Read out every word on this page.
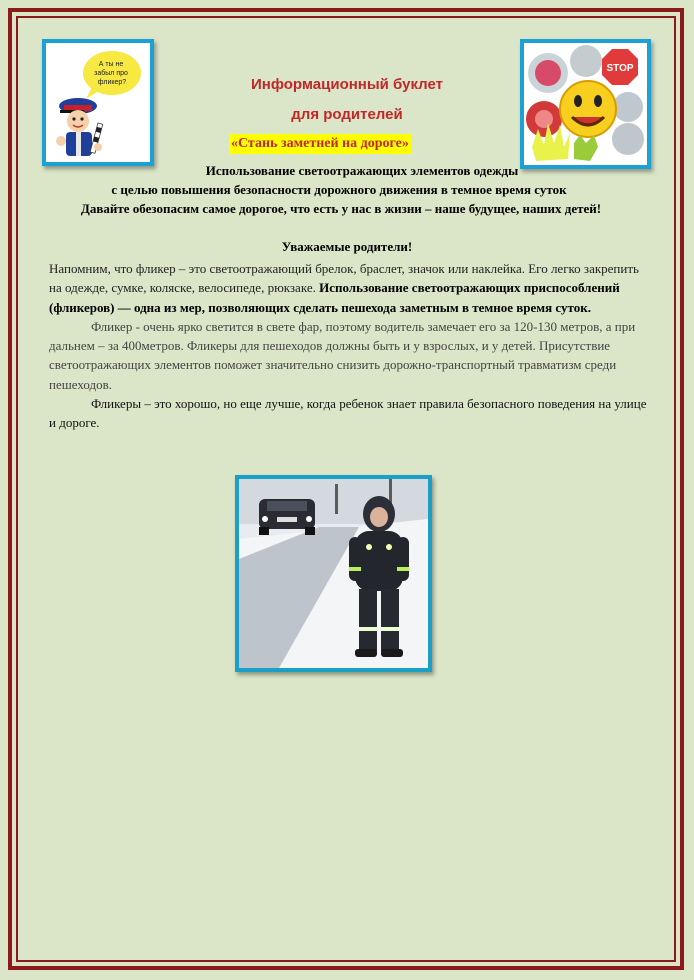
А ты не забыл про фликер?
STOP
Информационный буклет
для родителей
«Стань заметней на дороге»
Использование светоотражающих элементов одежды
с целью повышения безопасности дорожного движения в темное время суток
Давайте обезопасим самое дорогое, что есть у нас в жизни – наше будущее, наших детей!
Уважаемые родители!

Напомним, что фликер – это светоотражающий брелок, браслет, значок или наклейка. Его легко закрепить на одежде, сумке, коляске, велосипеде, рюкзаке. Использование светоотражающих приспособлений (фликеров) — одна из мер, позволяющих сделать пешехода заметным в темное время суток.

Фликер - очень ярко светится в свете фар, поэтому водитель замечает его за 120-130 метров, а при дальнем – за 400метров. Фликеры для пешеходов должны быть и у взрослых, и у детей. Присутствие светоотражающих элементов поможет значительно снизить дорожно-транспортный травматизм среди пешеходов.

Фликеры – это хорошо, но еще лучше, когда ребенок знает правила безопасного поведения на улице и дороге.
